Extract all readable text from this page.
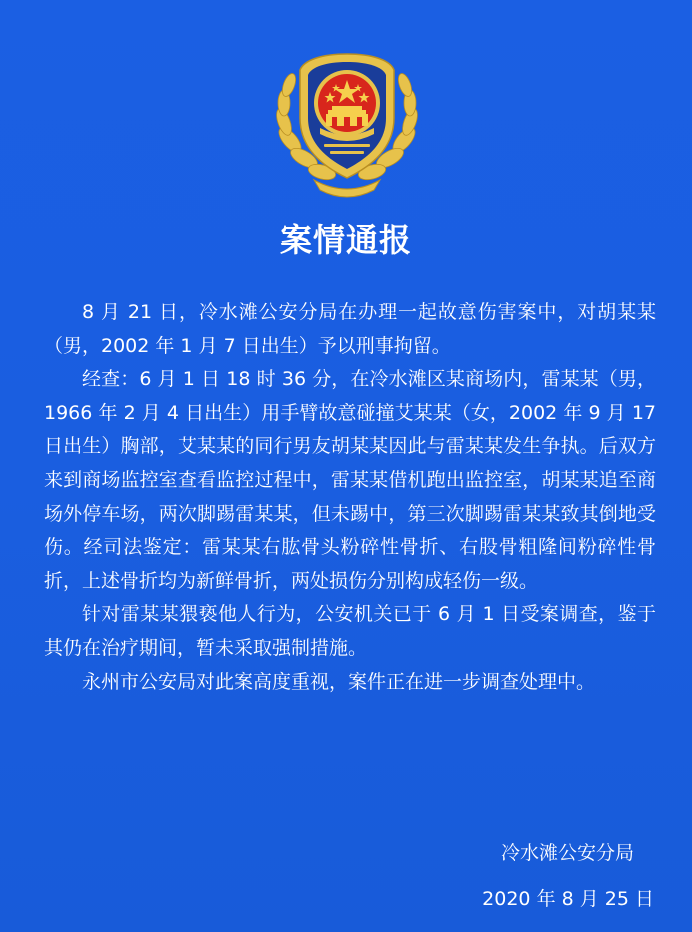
案情通报

8 月 21 日，冷水滩公安分局在办理一起故意伤害案中，对胡某某（男，2002 年 1 月 7 日出生）予以刑事拘留。

经查：6 月 1 日 18 时 36 分，在冷水滩区某商场内，雷某某（男，1966 年 2 月 4 日出生）用手臂故意碰撞艾某某（女，2002 年 9 月 17 日出生）胸部，艾某某的同行男友胡某某因此与雷某某发生争执。后双方来到商场监控室查看监控过程中，雷某某借机跑出监控室，胡某某追至商场外停车场，两次脚踢雷某某，但未踢中，第三次脚踢雷某某致其倒地受伤。经司法鉴定：雷某某右肱骨头粉碎性骨折、右股骨粗隆间粉碎性骨折，上述骨折均为新鲜骨折，两处损伤分别构成轻伤一级。

针对雷某某猥亵他人行为，公安机关已于 6 月 1 日受案调查，鉴于其仍在治疗期间，暂未采取强制措施。

永州市公安局对此案高度重视，案件正在进一步调查处理中。

冷水滩公安分局
2020 年 8 月 25 日
